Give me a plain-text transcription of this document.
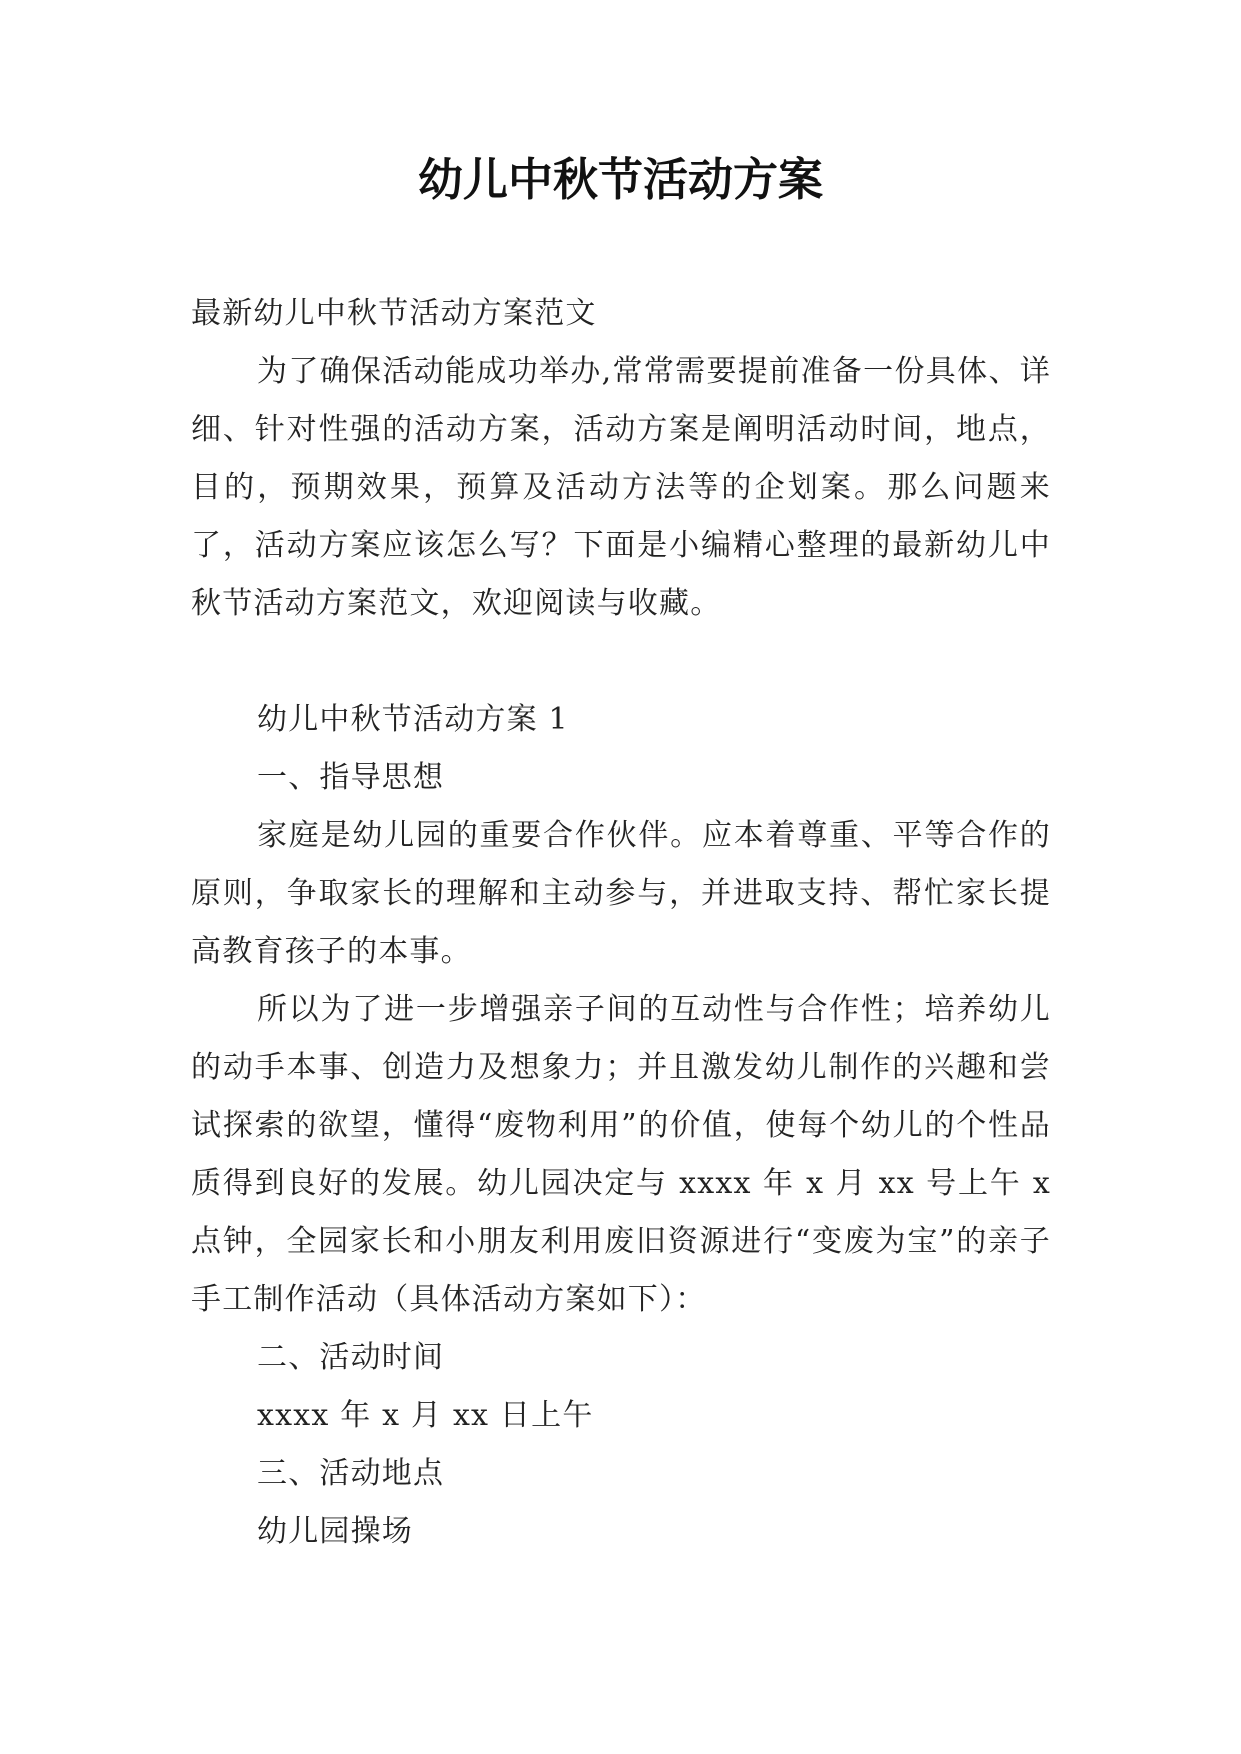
幼儿中秋节活动方案

最新幼儿中秋节活动方案范文

为了确保活动能成功举办,常常需要提前准备一份具体、详细、针对性强的活动方案，活动方案是阐明活动时间，地点，目的，预期效果，预算及活动方法等的企划案。那么问题来了，活动方案应该怎么写？下面是小编精心整理的最新幼儿中秋节活动方案范文，欢迎阅读与收藏。

幼儿中秋节活动方案 1

一、指导思想

家庭是幼儿园的重要合作伙伴。应本着尊重、平等合作的原则，争取家长的理解和主动参与，并进取支持、帮忙家长提高教育孩子的本事。

所以为了进一步增强亲子间的互动性与合作性；培养幼儿的动手本事、创造力及想象力；并且激发幼儿制作的兴趣和尝试探索的欲望，懂得“废物利用”的价值，使每个幼儿的个性品质得到良好的发展。幼儿园决定与 xxxx 年 x 月 xx 号上午 x 点钟，全园家长和小朋友利用废旧资源进行“变废为宝”的亲子手工制作活动（具体活动方案如下）：

二、活动时间

xxxx 年 x 月 xx 日上午

三、活动地点

幼儿园操场
